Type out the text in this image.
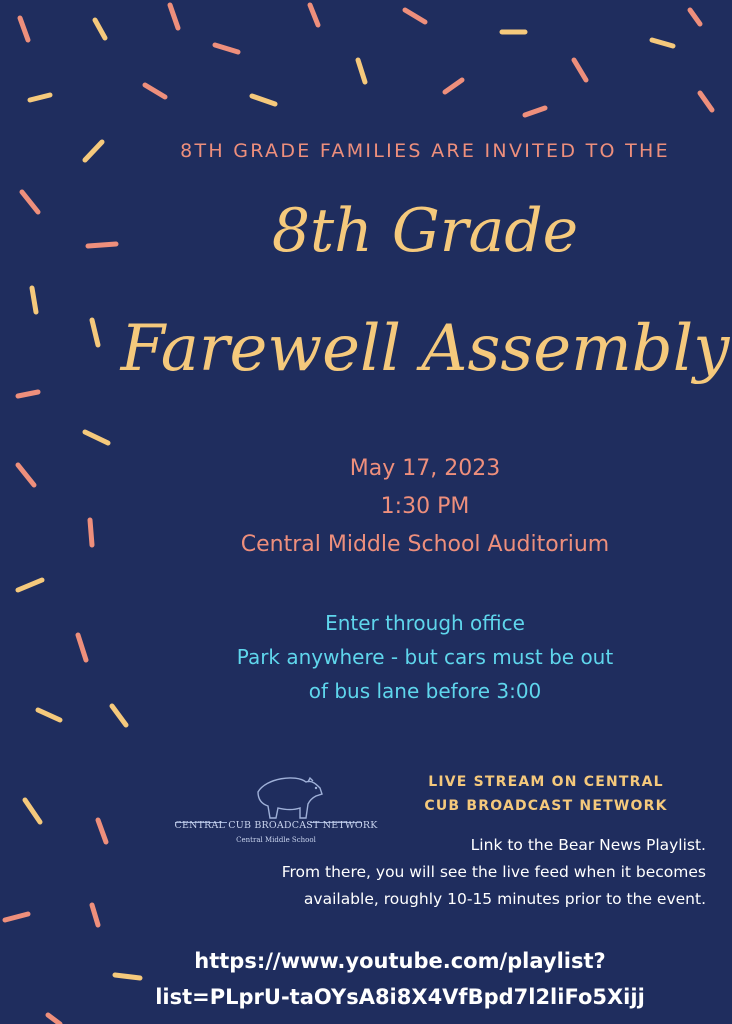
8TH GRADE FAMILIES ARE INVITED TO THE
8th Grade
Farewell Assembly
May 17, 2023
1:30 PM
Central Middle School Auditorium
Enter through office
Park anywhere - but cars must be out
of bus lane before 3:00
CENTRAL CUB BROADCAST NETWORK
Central Middle School
LIVE STREAM ON CENTRAL
CUB BROADCAST NETWORK
Link to the Bear News Playlist.
From there, you will see the live feed when it becomes
available, roughly 10-15 minutes prior to the event.
https://www.youtube.com/playlist?
list=PLprU-taOYsA8i8X4VfBpd7l2liFo5Xijj
